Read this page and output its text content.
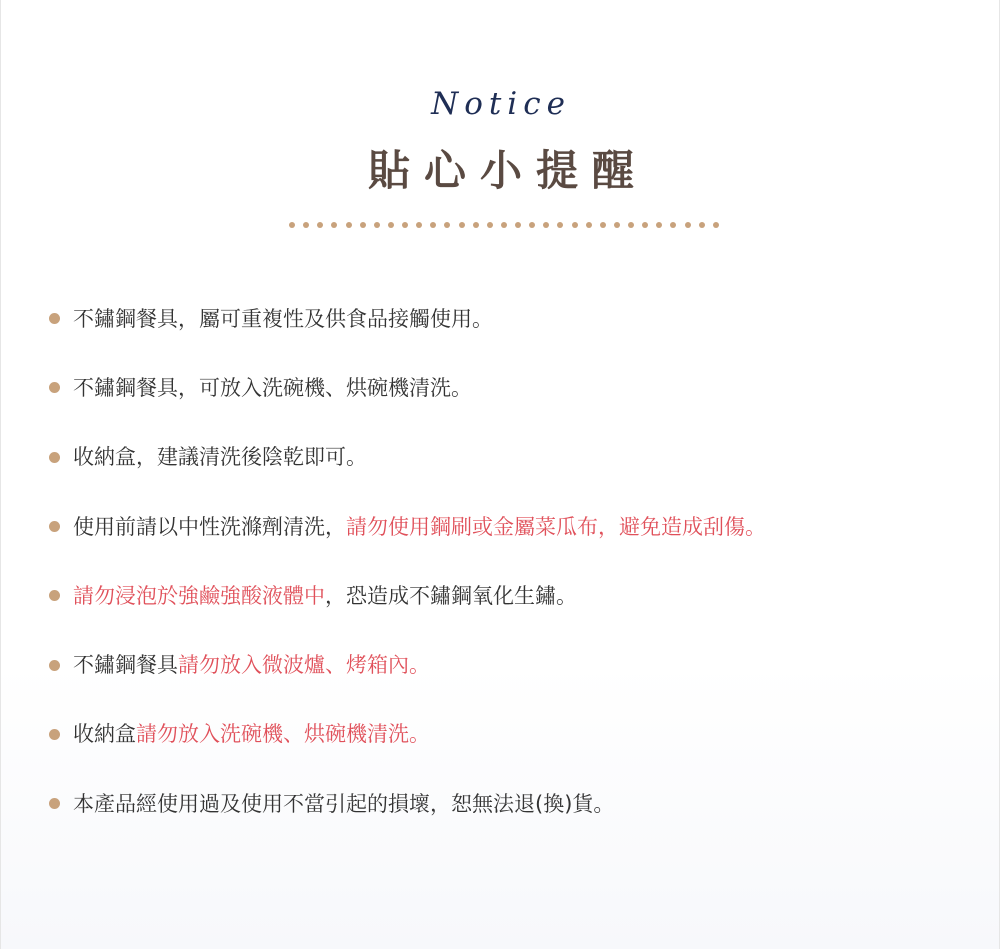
Notice
貼心小提醒
不鏽鋼餐具，屬可重複性及供食品接觸使用。
不鏽鋼餐具，可放入洗碗機、烘碗機清洗。
收納盒，建議清洗後陰乾即可。
使用前請以中性洗滌劑清洗，請勿使用鋼刷或金屬菜瓜布，避免造成刮傷。
請勿浸泡於強鹼強酸液體中，恐造成不鏽鋼氧化生鏽。
不鏽鋼餐具請勿放入微波爐、烤箱內。
收納盒請勿放入洗碗機、烘碗機清洗。
本產品經使用過及使用不當引起的損壞，恕無法退(換)貨。
